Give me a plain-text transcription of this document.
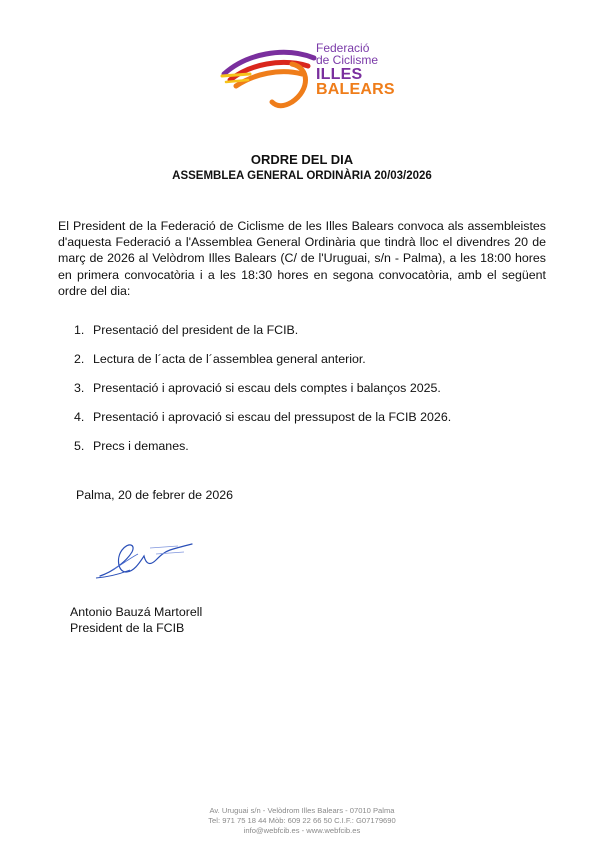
Federació
de Ciclisme
ILLES
BALEARS
ORDRE DEL DIA
ASSEMBLEA GENERAL ORDINÀRIA 20/03/2026

El President de la Federació de Ciclisme de les Illes Balears convoca als assembleistes d'aquesta Federació a l'Assemblea General Ordinària que tindrà lloc el divendres 20 de març de 2026 al Velòdrom Illes Balears (C/ de l'Uruguai, s/n - Palma), a les 18:00 hores en primera convocatòria i a les 18:30 hores en segona convocatòria, amb el següent ordre del dia:

1. Presentació del president de la FCIB.
2. Lectura de l´acta de l´assemblea general anterior.
3. Presentació i aprovació si escau dels comptes i balanços 2025.
4. Presentació i aprovació si escau del pressupost de la FCIB 2026.
5. Precs i demanes.
Palma, 20 de febrer de 2026
Antonio Bauzá Martorell
President de la FCIB
Av. Uruguai s/n - Velòdrom Illes Balears - 07010 Palma
Tel: 971 75 18 44 Mòb: 609 22 66 50 C.I.F.: G07179690
info@webfcib.es - www.webfcib.es
